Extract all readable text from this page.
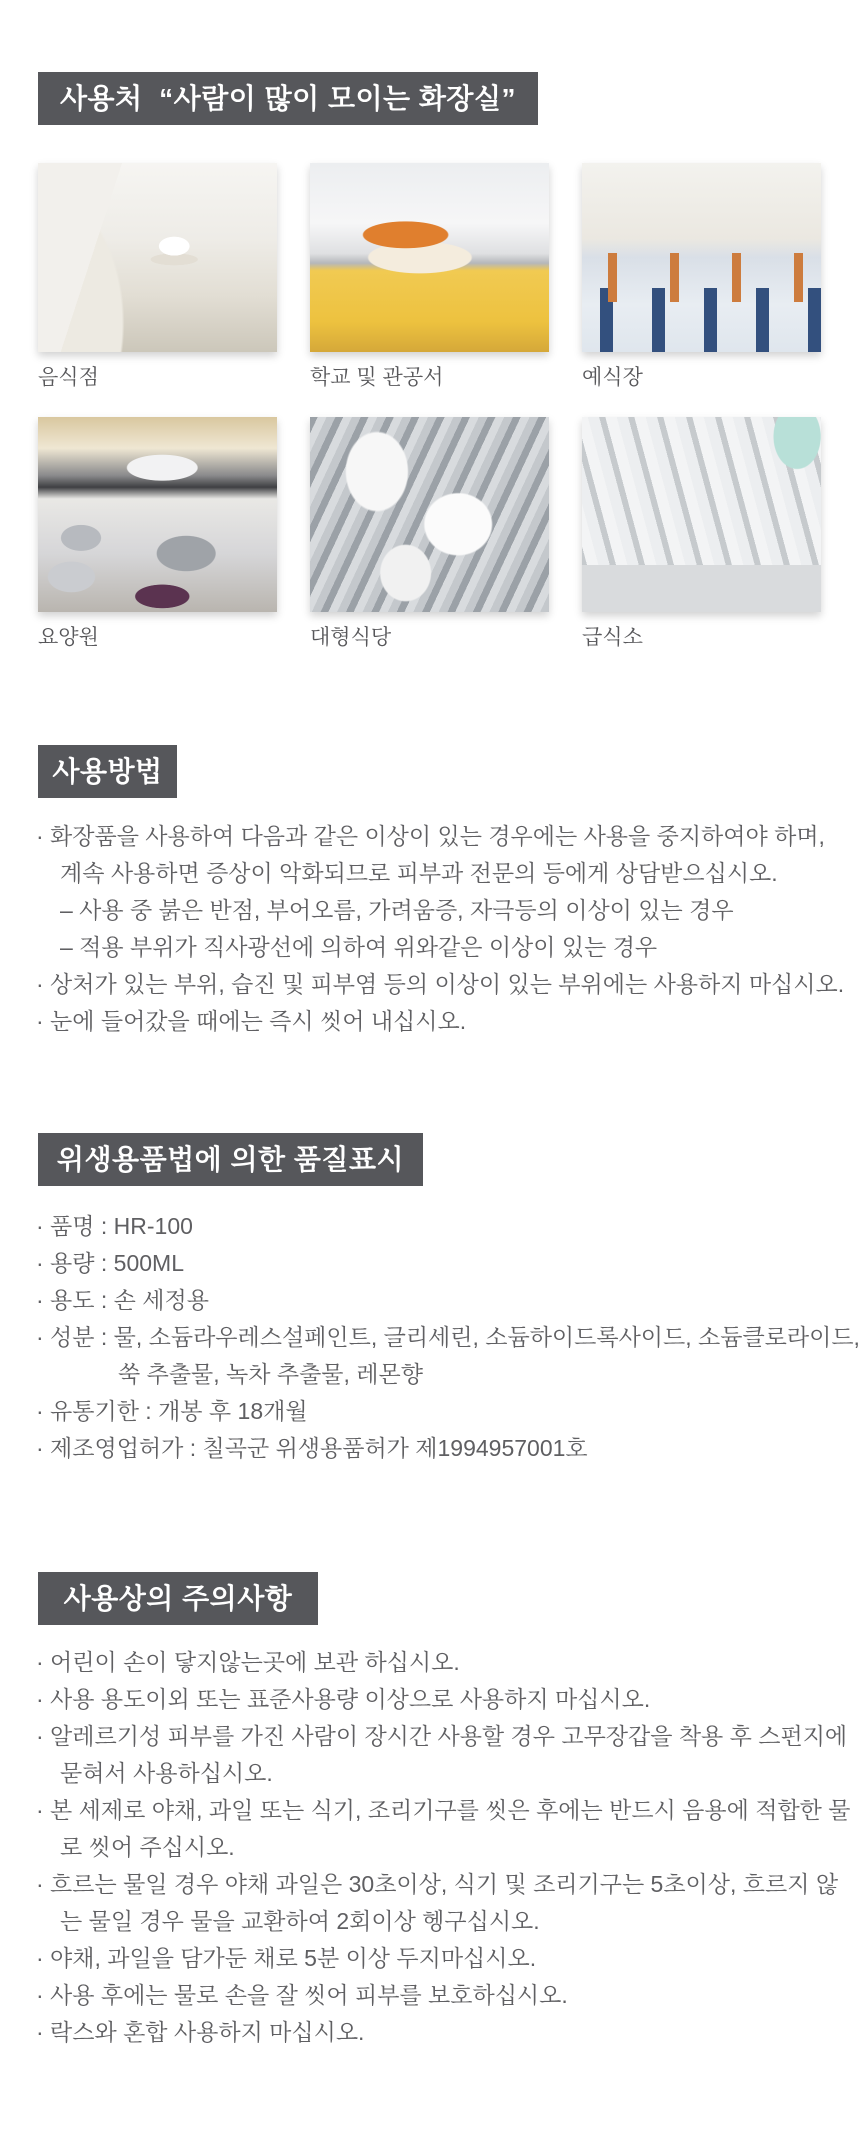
사용처  “사람이 많이 모이는 화장실”
음식점	학교 및 관공서	예식장
요양원	대형식당	급식소
사용방법
· 화장품을 사용하여 다음과 같은 이상이 있는 경우에는 사용을 중지하여야 하며,
계속 사용하면 증상이 악화되므로 피부과 전문의 등에게 상담받으십시오.
– 사용 중 붉은 반점, 부어오름, 가려움증, 자극등의 이상이 있는 경우
– 적용 부위가 직사광선에 의하여 위와같은 이상이 있는 경우
· 상처가 있는 부위, 습진 및 피부염 등의 이상이 있는 부위에는 사용하지 마십시오.
· 눈에 들어갔을 때에는 즉시 씻어 내십시오.
위생용품법에 의한 품질표시
· 품명 : HR-100
· 용량 : 500ML
· 용도 : 손 세정용
· 성분 : 물, 소듐라우레스설페인트, 글리세린, 소듐하이드록사이드, 소듐클로라이드,
쑥 추출물, 녹차 추출물, 레몬향
· 유통기한 : 개봉 후 18개월
· 제조영업허가 : 칠곡군 위생용품허가 제1994957001호
사용상의 주의사항
· 어린이 손이 닿지않는곳에 보관 하십시오.
· 사용 용도이외 또는 표준사용량 이상으로 사용하지 마십시오.
· 알레르기성 피부를 가진 사람이 장시간 사용할 경우 고무장갑을 착용 후 스펀지에
묻혀서 사용하십시오.
· 본 세제로 야채, 과일 또는 식기, 조리기구를 씻은 후에는 반드시 음용에 적합한 물
로 씻어 주십시오.
· 흐르는 물일 경우 야채 과일은 30초이상, 식기 및 조리기구는 5초이상, 흐르지 않
는 물일 경우 물을 교환하여 2회이상 헹구십시오.
· 야채, 과일을 담가둔 채로 5분 이상 두지마십시오.
· 사용 후에는 물로 손을 잘 씻어 피부를 보호하십시오.
· 락스와 혼합 사용하지 마십시오.
